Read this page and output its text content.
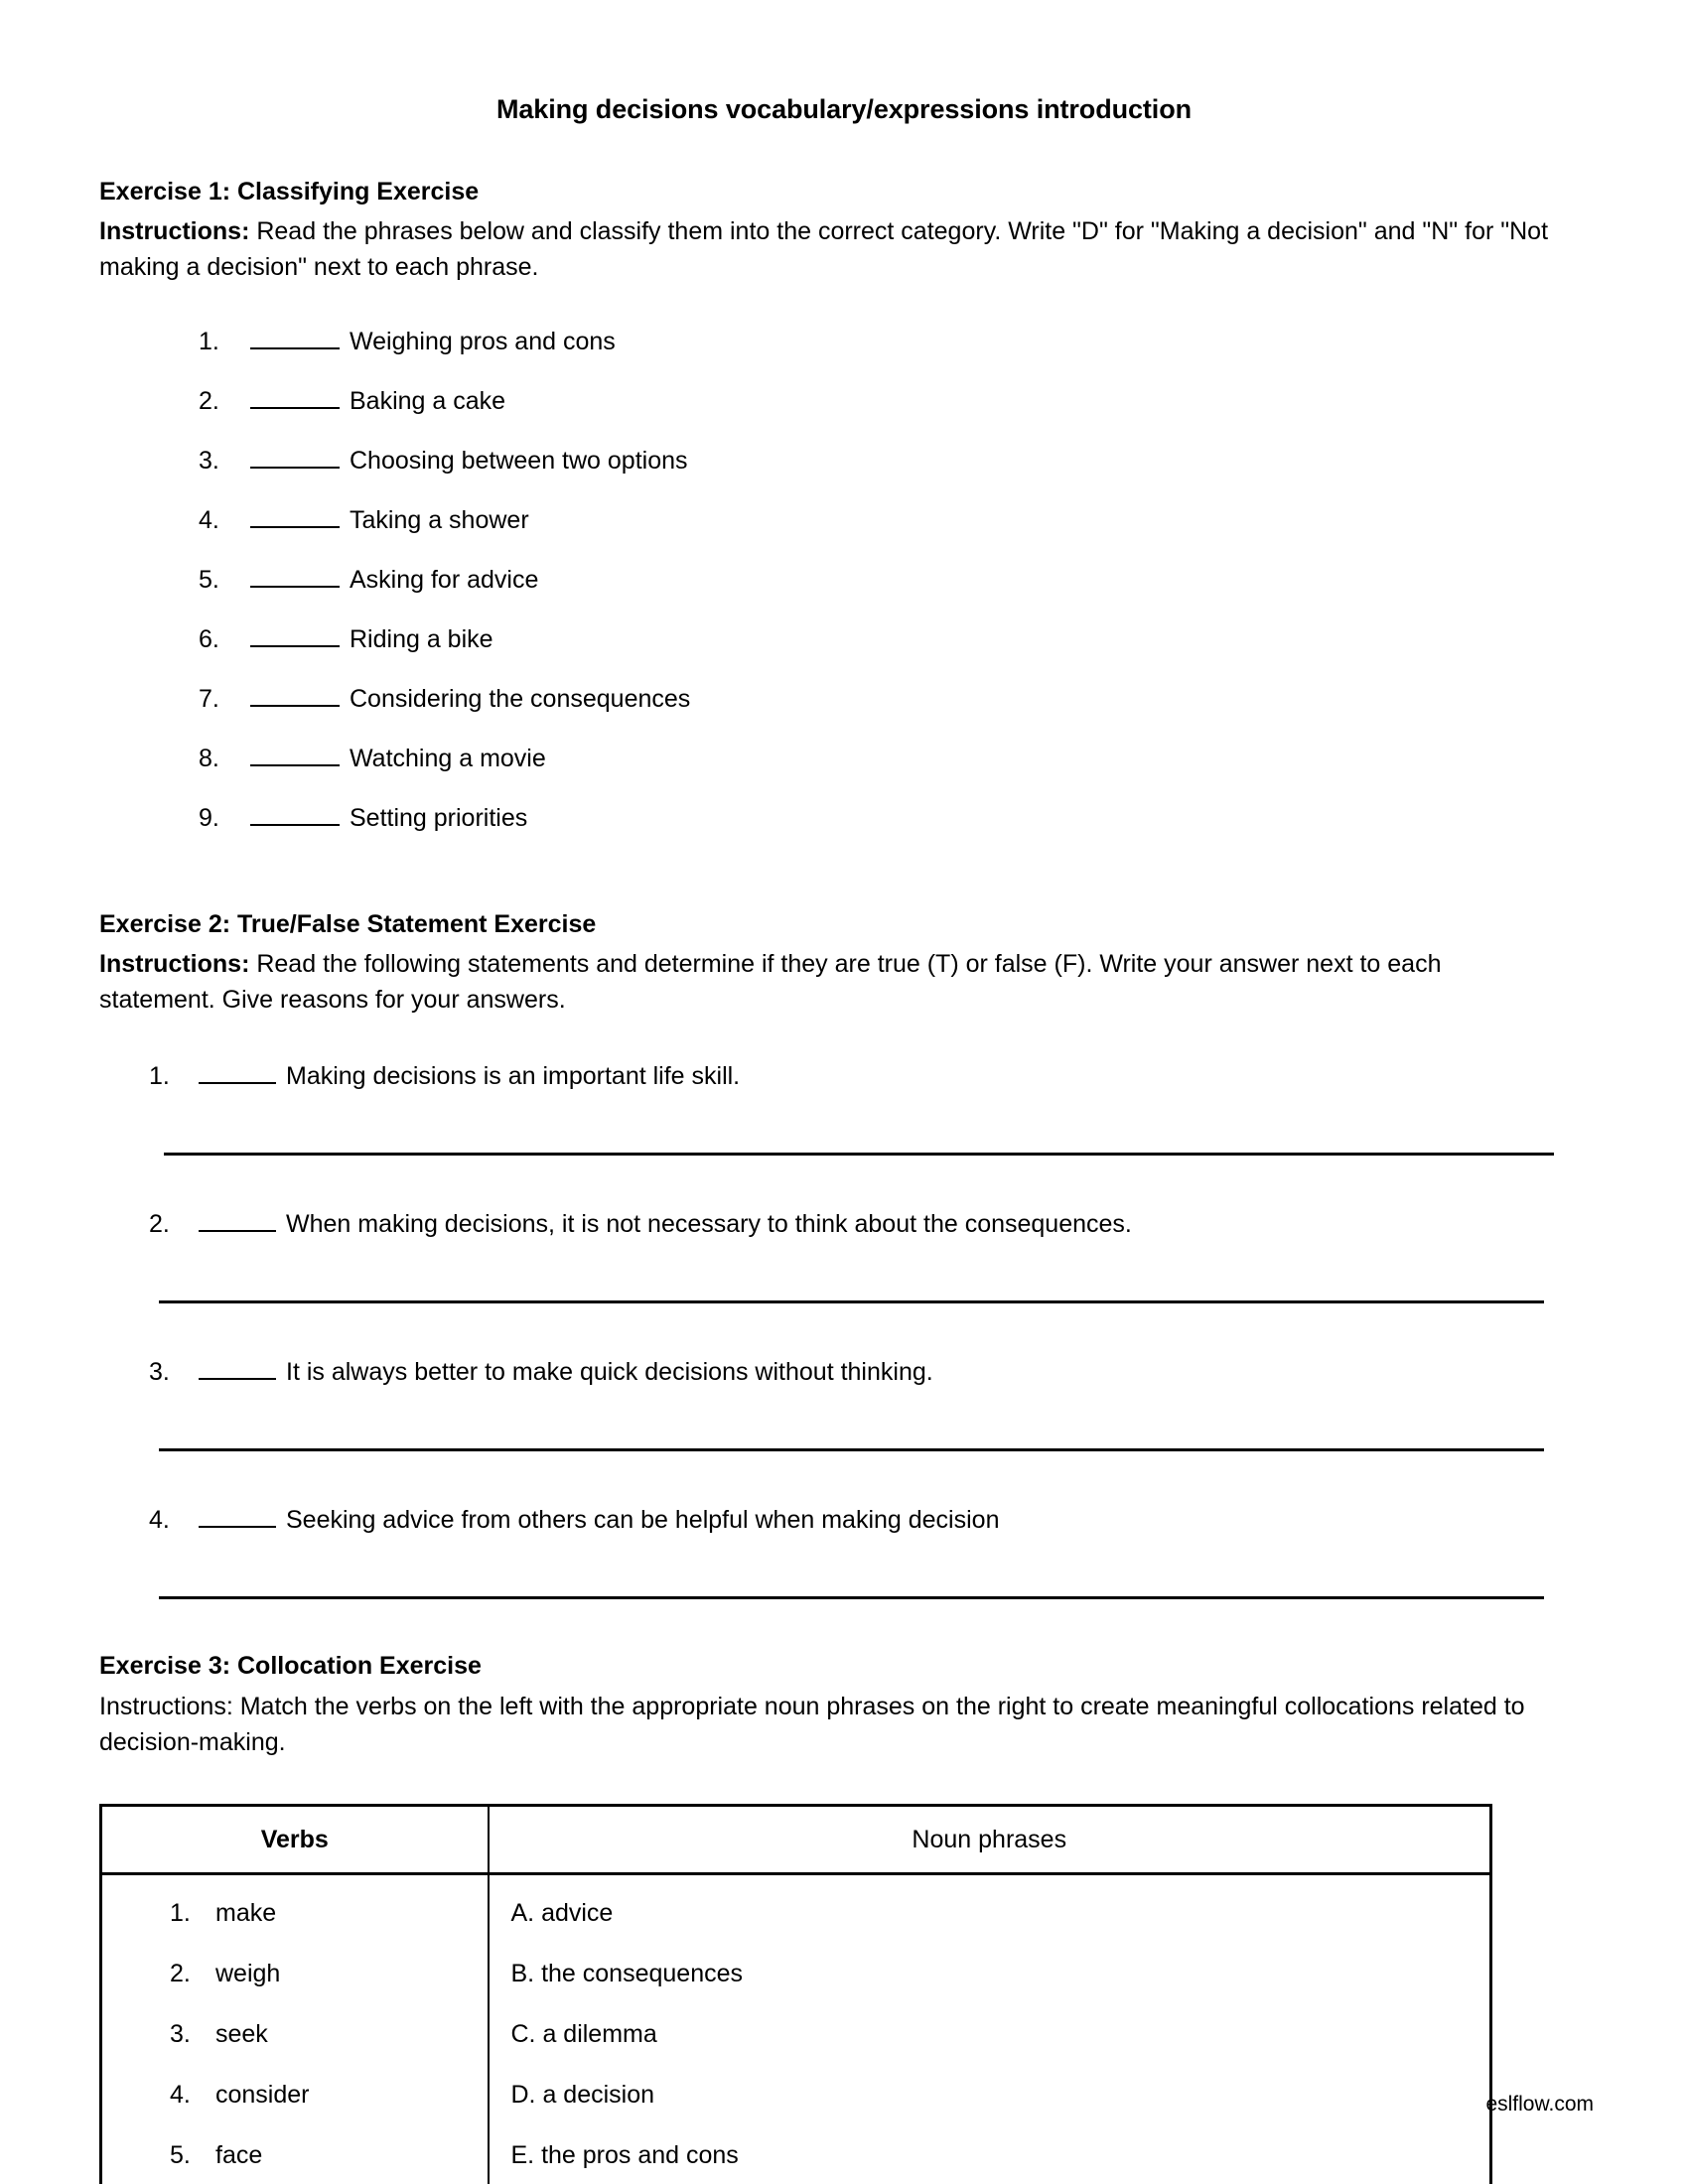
Making decisions vocabulary/expressions introduction
Exercise 1: Classifying Exercise
Instructions: Read the phrases below and classify them into the correct category. Write "D" for "Making a decision" and "N" for "Not making a decision" next to each phrase.
1.	Weighing pros and cons
2.	Baking a cake
3.	Choosing between two options
4.	Taking a shower
5.	Asking for advice
6.	Riding a bike
7.	Considering the consequences
8.	Watching a movie
9.	Setting priorities
Exercise 2: True/False Statement Exercise
Instructions: Read the following statements and determine if they are true (T) or false (F). Write your answer next to each statement. Give reasons for your answers.
1.	Making decisions is an important life skill.
2.	When making decisions, it is not necessary to think about the consequences.
3.	It is always better to make quick decisions without thinking.
4.	Seeking advice from others can be helpful when making decision
Exercise 3: Collocation Exercise
Instructions: Match the verbs on the left with the appropriate noun phrases on the right to create meaningful collocations related to decision-making.
Verbs	Noun phrases
1. make	A. advice
2. weigh	B. the consequences
3. seek	C. a dilemma
4. consider	D. a decision
5. face	E. the pros and cons
eslflow.com
